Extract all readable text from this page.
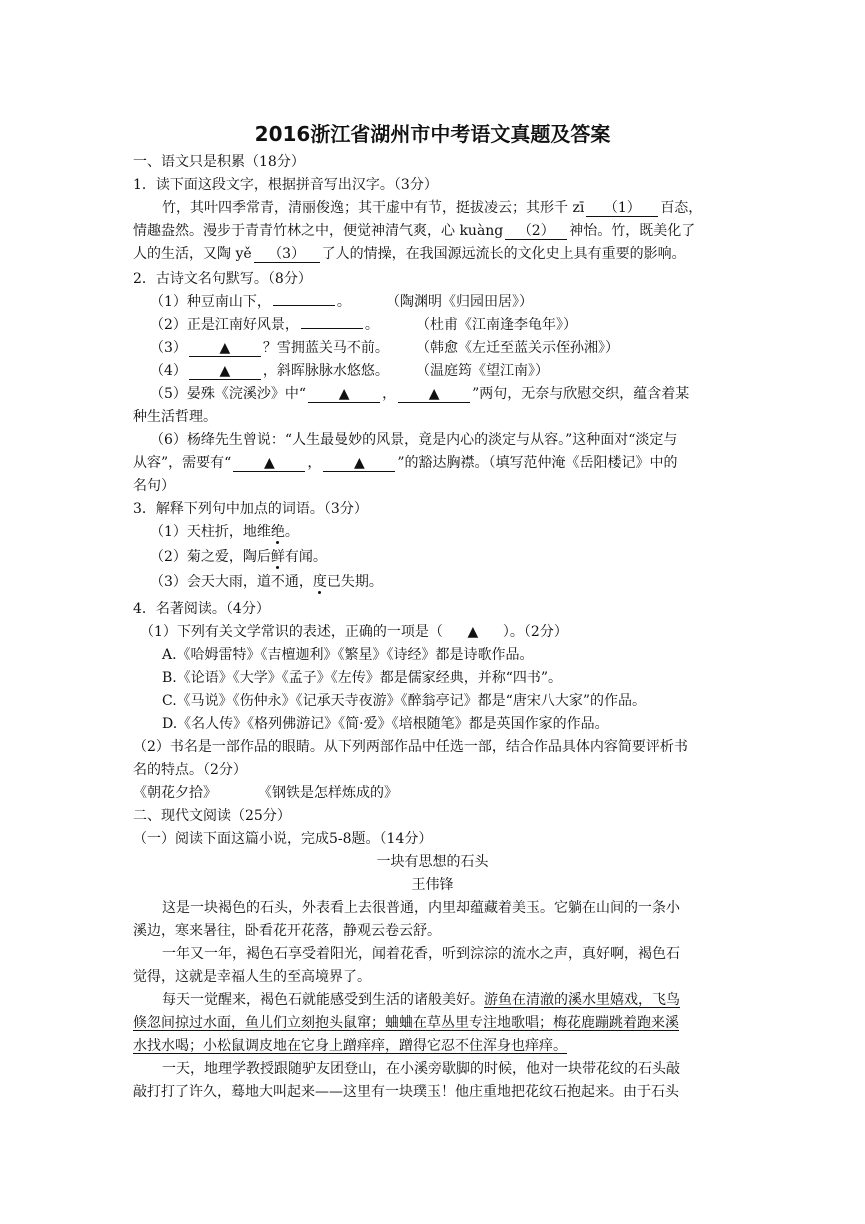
2016浙江省湖州市中考语文真题及答案
一、语文只是积累（18分）
1．读下面这段文字，根据拼音写出汉字。（3分）
竹，其叶四季常青，清丽俊逸；其干虚中有节，挺拔凌云；其形千 zī （1） 百态，
情趣盎然。漫步于青青竹林之中，便觉神清气爽，心 kuàng （2） 神怡。竹，既美化了
人的生活，又陶 yě （3） 了人的情操，在我国源远流长的文化史上具有重要的影响。
2．古诗文名句默写。（8分）
（1）种豆南山下，	。	（陶渊明《归园田居》）
（2）正是江南好风景，	。	（杜甫《江南逢李龟年》）
（3） ▲ ？雪拥蓝关马不前。 （韩愈《左迁至蓝关示侄孙湘》）
（4） ▲ ，斜晖脉脉水悠悠。 （温庭筠《望江南》）
（5）晏殊《浣溪沙》中“ ▲ ， ▲ ”两句，无奈与欣慰交织，蕴含着某
种生活哲理。
（6）杨绛先生曾说：“人生最曼妙的风景，竟是内心的淡定与从容。”这种面对“淡定与
从容”，需要有“ ▲ ， ▲ ”的豁达胸襟。（填写范仲淹《岳阳楼记》中的
名句）
3．解释下列句中加点的词语。（3分）
（1）天柱折，地维绝。
（2）菊之爱，陶后鲜有闻。
（3）会天大雨，道不通，度已失期。
4．名著阅读。（4分）
（1）下列有关文学常识的表述，正确的一项是（ ▲ ）。（2分）
A.《哈姆雷特》《吉檀迦利》《繁星》《诗经》都是诗歌作品。
B.《论语》《大学》《孟子》《左传》都是儒家经典，并称“四书”。
C.《马说》《伤仲永》《记承天寺夜游》《醉翁亭记》都是“唐宋八大家”的作品。
D.《名人传》《格列佛游记》《简·爱》《培根随笔》都是英国作家的作品。
（2）书名是一部作品的眼睛。从下列两部作品中任选一部，结合作品具体内容简要评析书
名的特点。（2分）
《朝花夕拾》	《钢铁是怎样炼成的》
二、现代文阅读（25分）
（一）阅读下面这篇小说，完成5-8题。（14分）
一块有思想的石头
王伟锋
这是一块褐色的石头，外表看上去很普通，内里却蕴藏着美玉。它躺在山间的一条小
溪边，寒来暑往，卧看花开花落，静观云卷云舒。
一年又一年，褐色石享受着阳光，闻着花香，听到淙淙的流水之声，真好啊，褐色石
觉得，这就是幸福人生的至高境界了。
每天一觉醒来，褐色石就能感受到生活的诸般美好。游鱼在清澈的溪水里嬉戏，飞鸟
倏忽间掠过水面，鱼儿们立刻抱头鼠窜；蛐蛐在草丛里专注地歌唱；梅花鹿蹦跳着跑来溪
水找水喝；小松鼠调皮地在它身上蹭痒痒，蹭得它忍不住浑身也痒痒。
一天，地理学教授跟随驴友团登山，在小溪旁歇脚的时候，他对一块带花纹的石头敲
敲打打了许久，蓦地大叫起来——这里有一块璞玉！他庄重地把花纹石抱起来。由于石头
